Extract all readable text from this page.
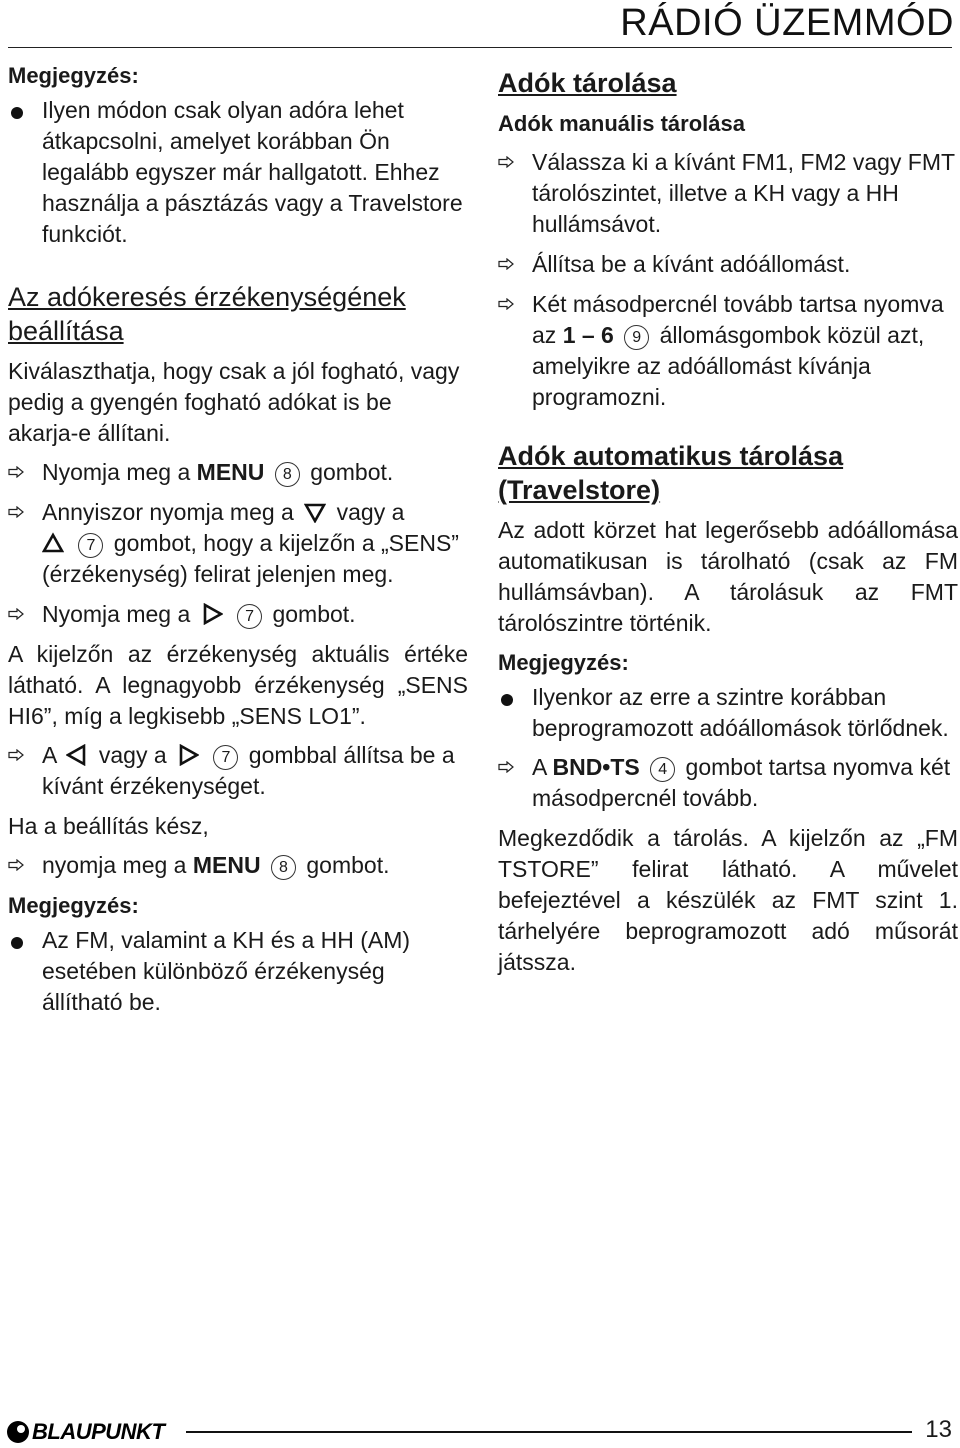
RÁDIÓ ÜZEMMÓD
Megjegyzés:
Ilyen módon csak olyan adóra lehet átkapcsolni, amelyet korábban Ön legalább egyszer már hallgatott. Ehhez használja a pásztázás vagy a Travelstore funkciót.
Az adókeresés érzékenységének beállítása

Kiválaszthatja, hogy csak a jól fogható, vagy pedig a gyengén fogható adókat is be akarja-e állítani.

Nyomja meg a MENU 8 gombot.
Annyiszor nyomja meg a vagy a

7 gombot, hogy a kijelzőn a „SENS” (érzékenység) felirat jelenjen meg.
Nyomja meg a	7 gombot.

A kijelzőn az érzékenység aktuális értéke látható. A legnagyobb érzékenység „SENS HI6”, míg a legkisebb „SENS LO1”.

A vagy a	7 gombbal állítsa be a kívánt érzékenységet.

Ha a beállítás kész,

nyomja meg a MENU 8 gombot.
Megjegyzés:
Az FM, valamint a KH és a HH (AM) esetében különböző érzékenység állítható be.
Adók tárolása
Adók manuális tárolása
Válassza ki a kívánt FM1, FM2 vagy FMT tárolószintet, illetve a KH vagy a HH hullámsávot.
Állítsa be a kívánt adóállomást.
Két másodpercnél tovább tartsa nyomva az 1 – 6 9 állomásgombok közül azt, amelyikre az adóállomást kívánja programozni.
Adók automatikus tárolása (Travelstore)

Az adott körzet hat legerősebb adóállomása automatikusan is tárolható (csak az FM hullámsávban). A tárolásuk az FMT tárolószintre történik.

Megjegyzés:
Ilyenkor az erre a szintre korábban beprogramozott adóállomások törlődnek.
A BND•TS 4 gombot tartsa nyomva két másodpercnél tovább.

Megkezdődik a tárolás. A kijelzőn az „FM TSTORE” felirat látható. A művelet befejeztével a készülék az FMT szint 1. tárhelyére beprogramozott adó műsorát játssza.

BLAUPUNKT	13
